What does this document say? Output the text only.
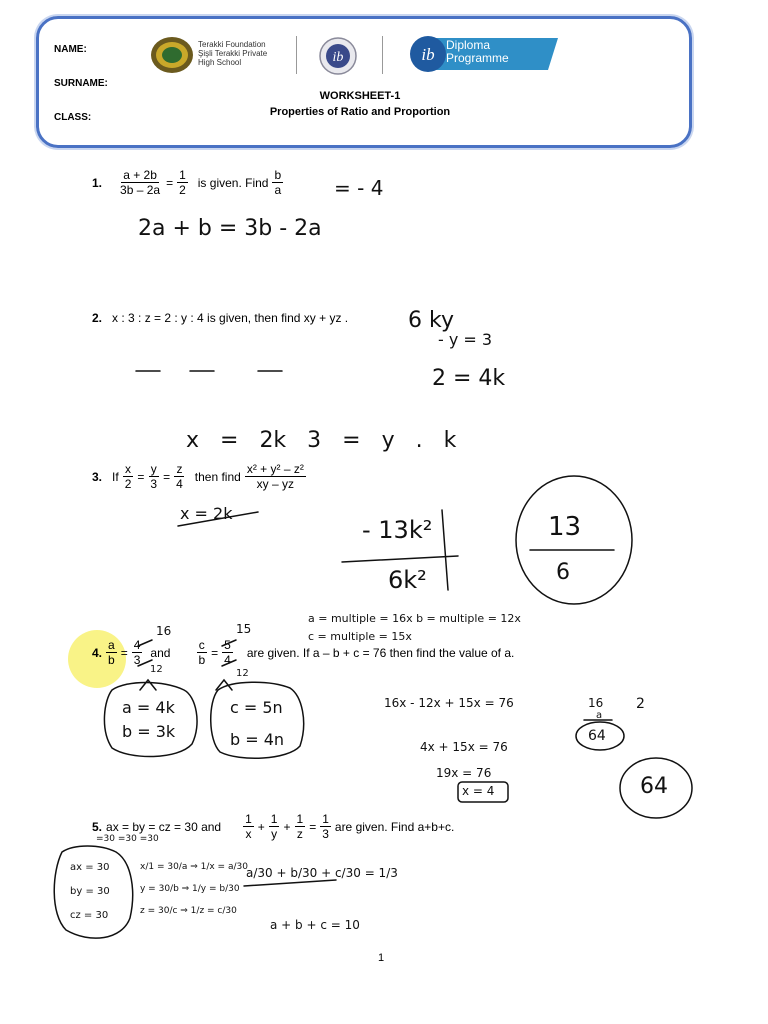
NAME:
SURNAME:
CLASS:
Terakki Foundation
Şişli Terakki Private
High School	ib	ib Diploma
Programme
WORKSHEET-1
Properties of Ratio and Proportion
1. $\frac{a + 2b}{3b - 2a} = \frac{1}{2}$ is given. Find $\frac{b}{a}$
2. x : 3 : z = 2 : y : 4 is given, then find xy + yz .
3. If $\frac{x}{2} = \frac{y}{3} = \frac{z}{4}$ then find $\frac{\text{x² + y² – z²}}{xy - yz}$
4. $\frac{a}{b} = \frac{4}{3}$ and $\frac{c}{b} = \frac{5}{4}$ are given. If a – b + c = 76 then find the value of a.
5. ax = by = cz = 30 and $\frac{1}{x} + \frac{1}{y} + \frac{1}{z} = \frac{1}{3}$ are given. Find a+b+c.
= - 4
2a + b = 3b - 2a
6 ky
- y = 3
2 = 4k
x = 2k 3 = y . k
x = 2k
- 13k²
6k²
13
6
16	15
12	12
a = multiple = 16x b = multiple = 12x
c = multiple = 15x
a = 4k
b = 3k
c = 5n
b = 4n
16x - 12x + 15x = 76
4x + 15x = 76
19x = 76
x = 4
16
a
2
64
64
=30 =30 =30
ax = 30
by = 30
cz = 30
x/1 = 30/a ⇒ 1/x = a/30
y = 30/b ⇒ 1/y = b/30
z = 30/c ⇒ 1/z = c/30
a/30 + b/30 + c/30 = 1/3
a + b + c = 10
1
